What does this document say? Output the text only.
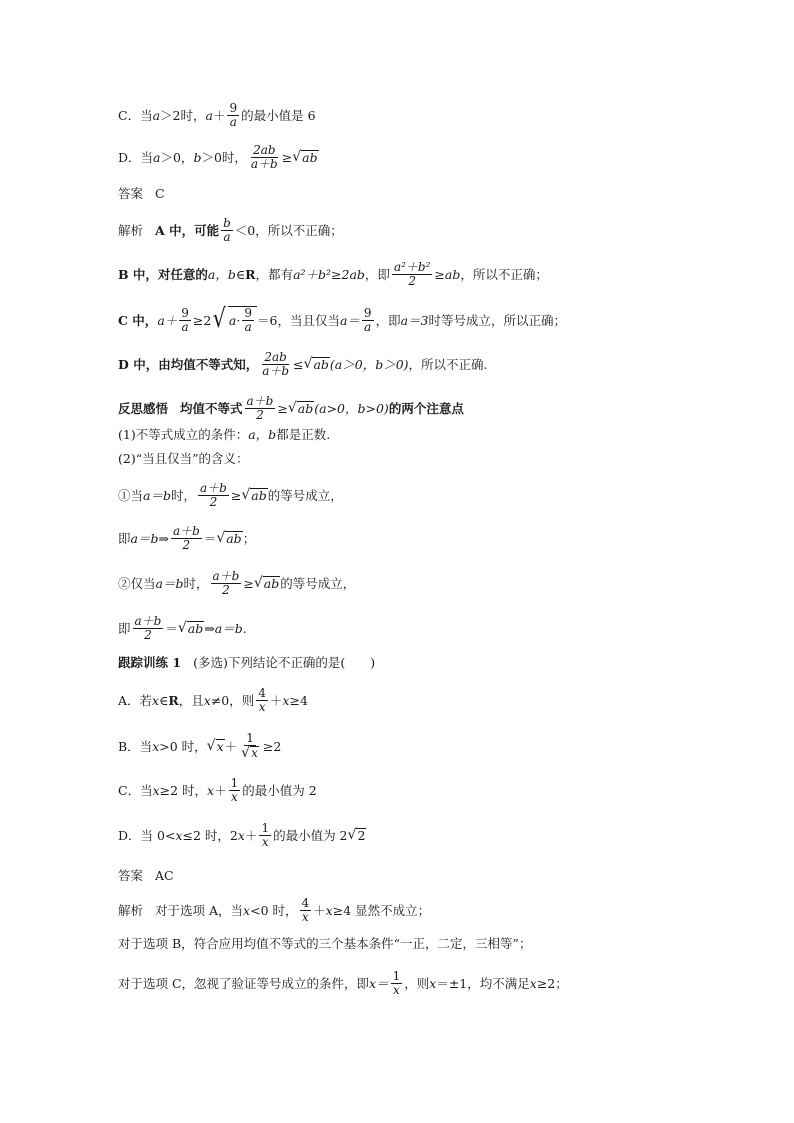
C．当 a ＞2时， $a + \frac{9}{a}$ 的最小值是 6
D．当 a ＞0， b ＞0时， $\frac{2ab}{a+b}$ ≥ √ ab
答案 C
解析 A 中，可能 $\frac{b}{a} <0$，所以不正确；
B 中，对任意的 a，b ∈ R ，都有 a²＋b²≥2ab ，即 $\frac{\text{a²＋b²}}{2} \ge ab$ ，所以不正确；
C 中， $a+ \frac{9}{a} \ge 2$ √ $a\cdot \frac{9}{a} =6$，当且仅当 $a= \frac{9}{a}$ ，即 a＝3 时等号成立，所以正确；
D 中，由均值不等式知， $\frac{2ab}{a+b}$ ≤ √ ab (a＞0，b＞0) ，所以不正确.
反思感悟 均值不等式 $\frac{a+b}{2}$ ≥ √ ab (a>0，b>0) 的两个注意点
(1)不等式成立的条件： a，b 都是正数.
(2)“当且仅当”的含义：
①当 a＝b 时， $\frac{a+b}{2}$ ≥ √ ab 的等号成立，
即 a＝b⇒ $\frac{a+b}{2}$ ＝ √ ab ；
②仅当 a＝b 时， $\frac{a+b}{2}$ ≥ √ ab 的等号成立，
即 $\frac{a+b}{2}$ ＝ √ ab ⇒a＝b.
跟踪训练 1 (多选)下列结论不正确的是(　　)
A．若 x ∈ R ，且 x ≠0，则 $\frac{4}{x} + x \ge 4$
B．当 x >0 时， √ $x + \frac{1}{√ x} \ge 2$
C．当 x ≥2 时， $x + \frac{1}{x}$ 的最小值为 2
D．当 0< x ≤2 时，2 $x + \frac{1}{x}$ 的最小值为 2 √ 2
答案 AC
解析 对于选项 A，当 x <0 时， $\frac{4}{x} + x \ge 4$ 显然不成立；
对于选项 B，符合应用均值不等式的三个基本条件“一正，二定，三相等”；
对于选项 C，忽视了验证等号成立的条件，即 $x= \frac{1}{x}$ ，则 x ＝±1，均不满足 x ≥2；
